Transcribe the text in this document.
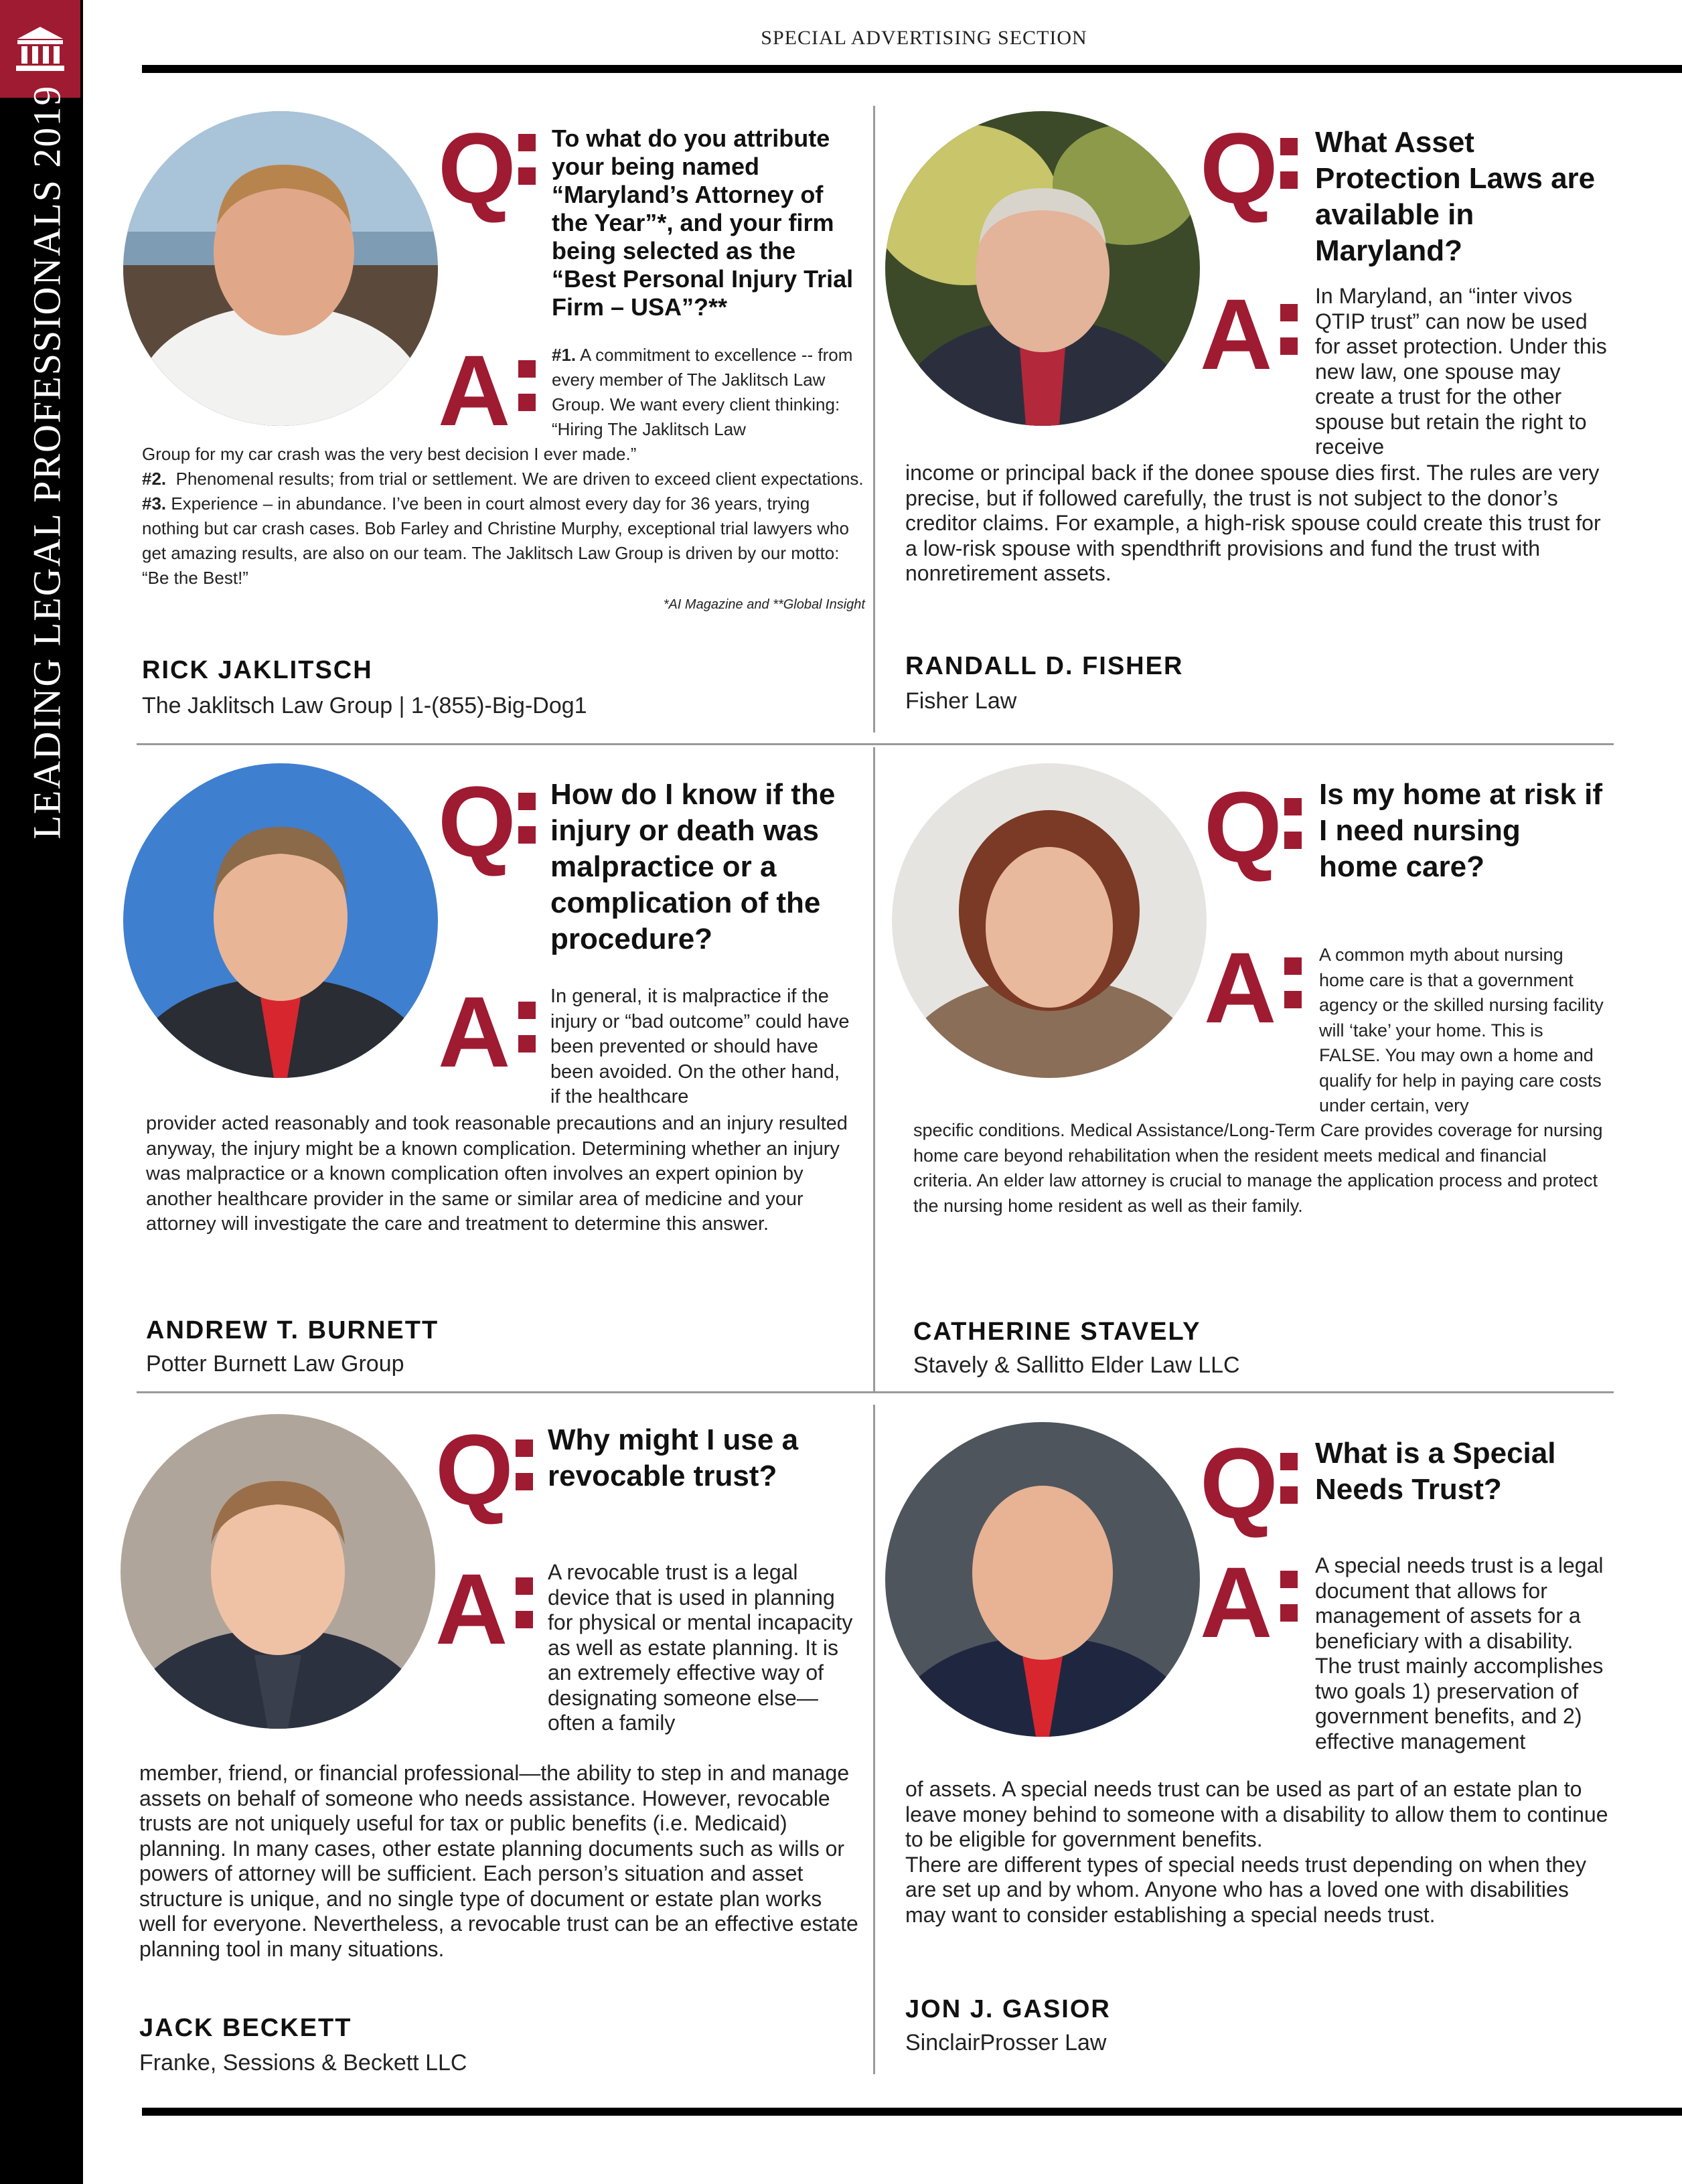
LEADING LEGAL PROFESSIONALS 2019
SPECIAL ADVERTISING SECTION
Q To what do you attribute your being named “Maryland’s Attorney of the Year”*, and your firm being selected as the “Best Personal Injury Trial Firm – USA”?**
A #1. A commitment to excellence -- from every member of The Jaklitsch Law Group. We want every client thinking: “Hiring The Jaklitsch Law

Group for my car crash was the very best decision I ever made.”

#2. Phenomenal results; from trial or settlement. We are driven to exceed client expectations.

#3. Experience – in abundance. I’ve been in court almost every day for 36 years, trying nothing but car crash cases. Bob Farley and Christine Murphy, exceptional trial lawyers who get amazing results, are also on our team. The Jaklitsch Law Group is driven by our motto: “Be the Best!”

*AI Magazine and **Global Insight
RICK JAKLITSCH
The Jaklitsch Law Group | 1-(855)-Big-Dog1
Q What Asset Protection Laws are available in Maryland?
A In Maryland, an “inter vivos QTIP trust” can now be used for asset protection. Under this new law, one spouse may create a trust for the other spouse but retain the right to receive
income or principal back if the donee spouse dies first. The rules are very precise, but if followed carefully, the trust is not subject to the donor’s creditor claims. For example, a high-risk spouse could create this trust for a low-risk spouse with spendthrift provisions and fund the trust with nonretirement assets.
RANDALL D. FISHER
Fisher Law
Q How do I know if the injury or death was malpractice or a complication of the procedure?
A In general, it is malpractice if the injury or “bad outcome” could have been prevented or should have been avoided. On the other hand, if the healthcare
provider acted reasonably and took reasonable precautions and an injury resulted anyway, the injury might be a known complication. Determining whether an injury was malpractice or a known complication often involves an expert opinion by another healthcare provider in the same or similar area of medicine and your attorney will investigate the care and treatment to determine this answer.
ANDREW T. BURNETT
Potter Burnett Law Group
Q Is my home at risk if I need nursing home care?
A A common myth about nursing home care is that a government agency or the skilled nursing facility will ‘take’ your home. This is FALSE. You may own a home and qualify for help in paying care costs under certain, very
specific conditions. Medical Assistance/Long-Term Care provides coverage for nursing home care beyond rehabilitation when the resident meets medical and financial criteria. An elder law attorney is crucial to manage the application process and protect the nursing home resident as well as their family.
CATHERINE STAVELY
Stavely & Sallitto Elder Law LLC
Q Why might I use a revocable trust?
A A revocable trust is a legal device that is used in planning for physical or mental incapacity as well as estate planning. It is an extremely effective way of designating someone else—often a family
member, friend, or financial professional—the ability to step in and manage assets on behalf of someone who needs assistance. However, revocable trusts are not uniquely useful for tax or public benefits (i.e. Medicaid) planning. In many cases, other estate planning documents such as wills or powers of attorney will be sufficient. Each person’s situation and asset structure is unique, and no single type of document or estate plan works well for everyone. Nevertheless, a revocable trust can be an effective estate planning tool in many situations.
JACK BECKETT
Franke, Sessions & Beckett LLC
Q What is a Special Needs Trust?
A A special needs trust is a legal document that allows for management of assets for a beneficiary with a disability. The trust mainly accomplishes two goals 1) preservation of government benefits, and 2) effective management

of assets. A special needs trust can be used as part of an estate plan to leave money behind to someone with a disability to allow them to continue to be eligible for government benefits.

There are different types of special needs trust depending on when they are set up and by whom. Anyone who has a loved one with disabilities may want to consider establishing a special needs trust.

JON J. GASIOR
SinclairProsser Law
